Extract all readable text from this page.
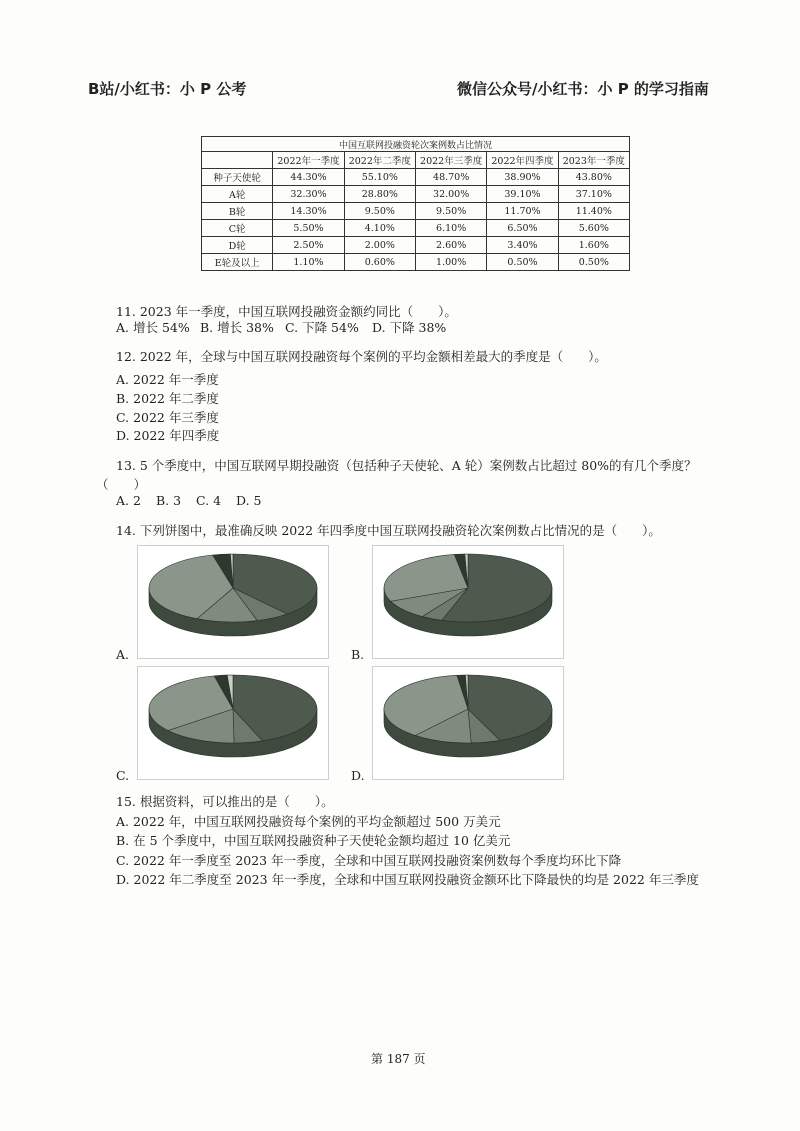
B站/小红书：小 P 公考	微信公众号/小红书：小 P 的学习指南
中国互联网投融资轮次案例数占比情况					
	2022年一季度	2022年二季度	2022年三季度	2022年四季度	2023年一季度
种子天使轮	44.30%	55.10%	48.70%	38.90%	43.80%
A轮	32.30%	28.80%	32.00%	39.10%	37.10%
B轮	14.30%	9.50%	9.50%	11.70%	11.40%
C轮	5.50%	4.10%	6.10%	6.50%	5.60%
D轮	2.50%	2.00%	2.60%	3.40%	1.60%
E轮及以上	1.10%	0.60%	1.00%	0.50%	0.50%
11. 2023 年一季度，中国互联网投融资金额约同比（　　）。
A. 增长 54% B. 增长 38% C. 下降 54% D. 下降 38%
12. 2022 年，全球与中国互联网投融资每个案例的平均金额相差最大的季度是（　　）。
A. 2022 年一季度
B. 2022 年二季度
C. 2022 年三季度
D. 2022 年四季度
13. 5 个季度中，中国互联网早期投融资（包括种子天使轮、A 轮）案例数占比超过 80%的有几个季度？
（　　）
A. 2 B. 3 C. 4 D. 5
14. 下列饼图中，最准确反映 2022 年四季度中国互联网投融资轮次案例数占比情况的是（　　）。
A.	B.
C.	D.
15. 根据资料，可以推出的是（　　）。
A. 2022 年，中国互联网投融资每个案例的平均金额超过 500 万美元
B. 在 5 个季度中，中国互联网投融资种子天使轮金额均超过 10 亿美元
C. 2022 年一季度至 2023 年一季度，全球和中国互联网投融资案例数每个季度均环比下降
D. 2022 年二季度至 2023 年一季度，全球和中国互联网投融资金额环比下降最快的均是 2022 年三季度
第 187 页
